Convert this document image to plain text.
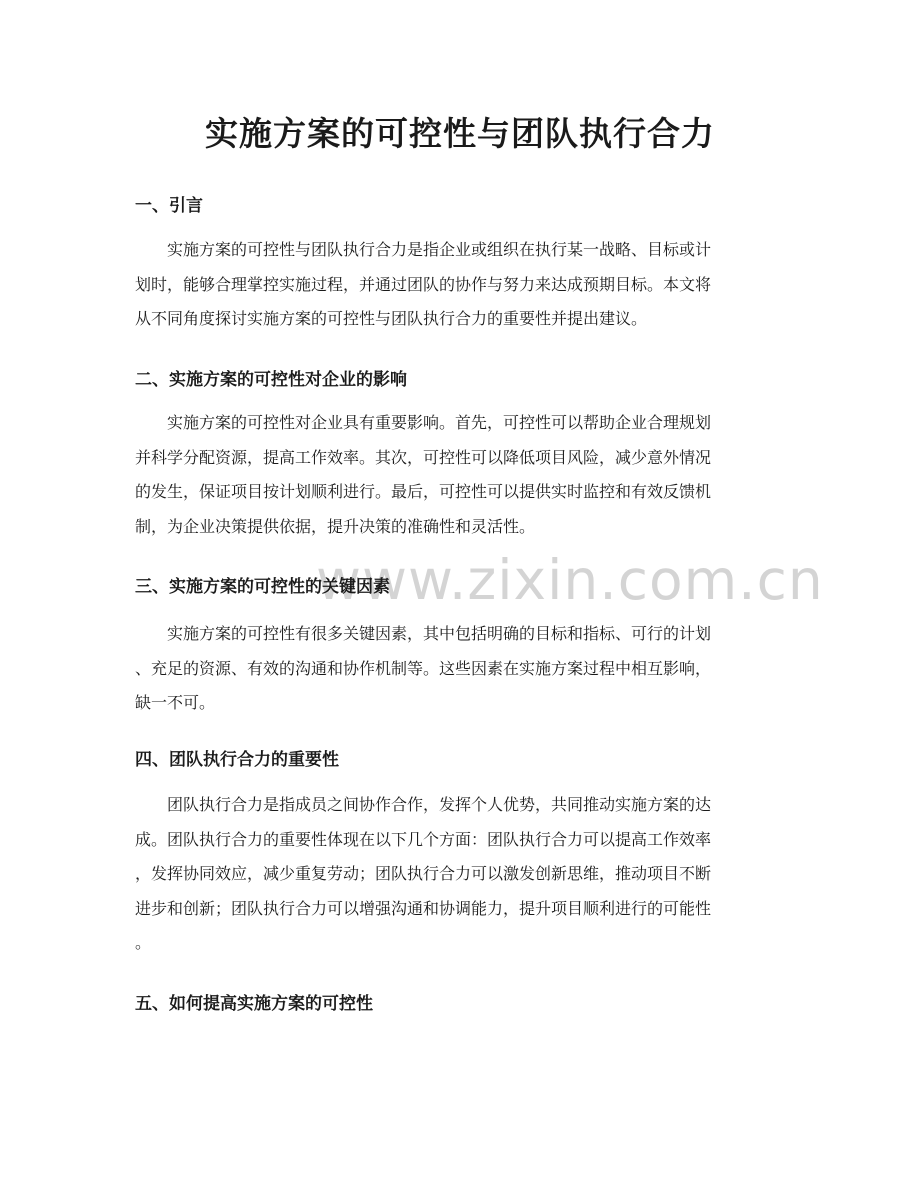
实施方案的可控性与团队执行合力
www.zixin.com.cn
一、引言

　　实施方案的可控性与团队执行合力是指企业或组织在执行某一战略、目标或计
划时，能够合理掌控实施过程，并通过团队的协作与努力来达成预期目标。本文将
从不同角度探讨实施方案的可控性与团队执行合力的重要性并提出建议。

二、实施方案的可控性对企业的影响

　　实施方案的可控性对企业具有重要影响。首先，可控性可以帮助企业合理规划
并科学分配资源，提高工作效率。其次，可控性可以降低项目风险，减少意外情况
的发生，保证项目按计划顺利进行。最后，可控性可以提供实时监控和有效反馈机
制，为企业决策提供依据，提升决策的准确性和灵活性。

三、实施方案的可控性的关键因素

　　实施方案的可控性有很多关键因素，其中包括明确的目标和指标、可行的计划
、充足的资源、有效的沟通和协作机制等。这些因素在实施方案过程中相互影响，
缺一不可。

四、团队执行合力的重要性

　　团队执行合力是指成员之间协作合作，发挥个人优势，共同推动实施方案的达
成。团队执行合力的重要性体现在以下几个方面：团队执行合力可以提高工作效率
，发挥协同效应，减少重复劳动；团队执行合力可以激发创新思维，推动项目不断
进步和创新；团队执行合力可以增强沟通和协调能力，提升项目顺利进行的可能性
。

五、如何提高实施方案的可控性
